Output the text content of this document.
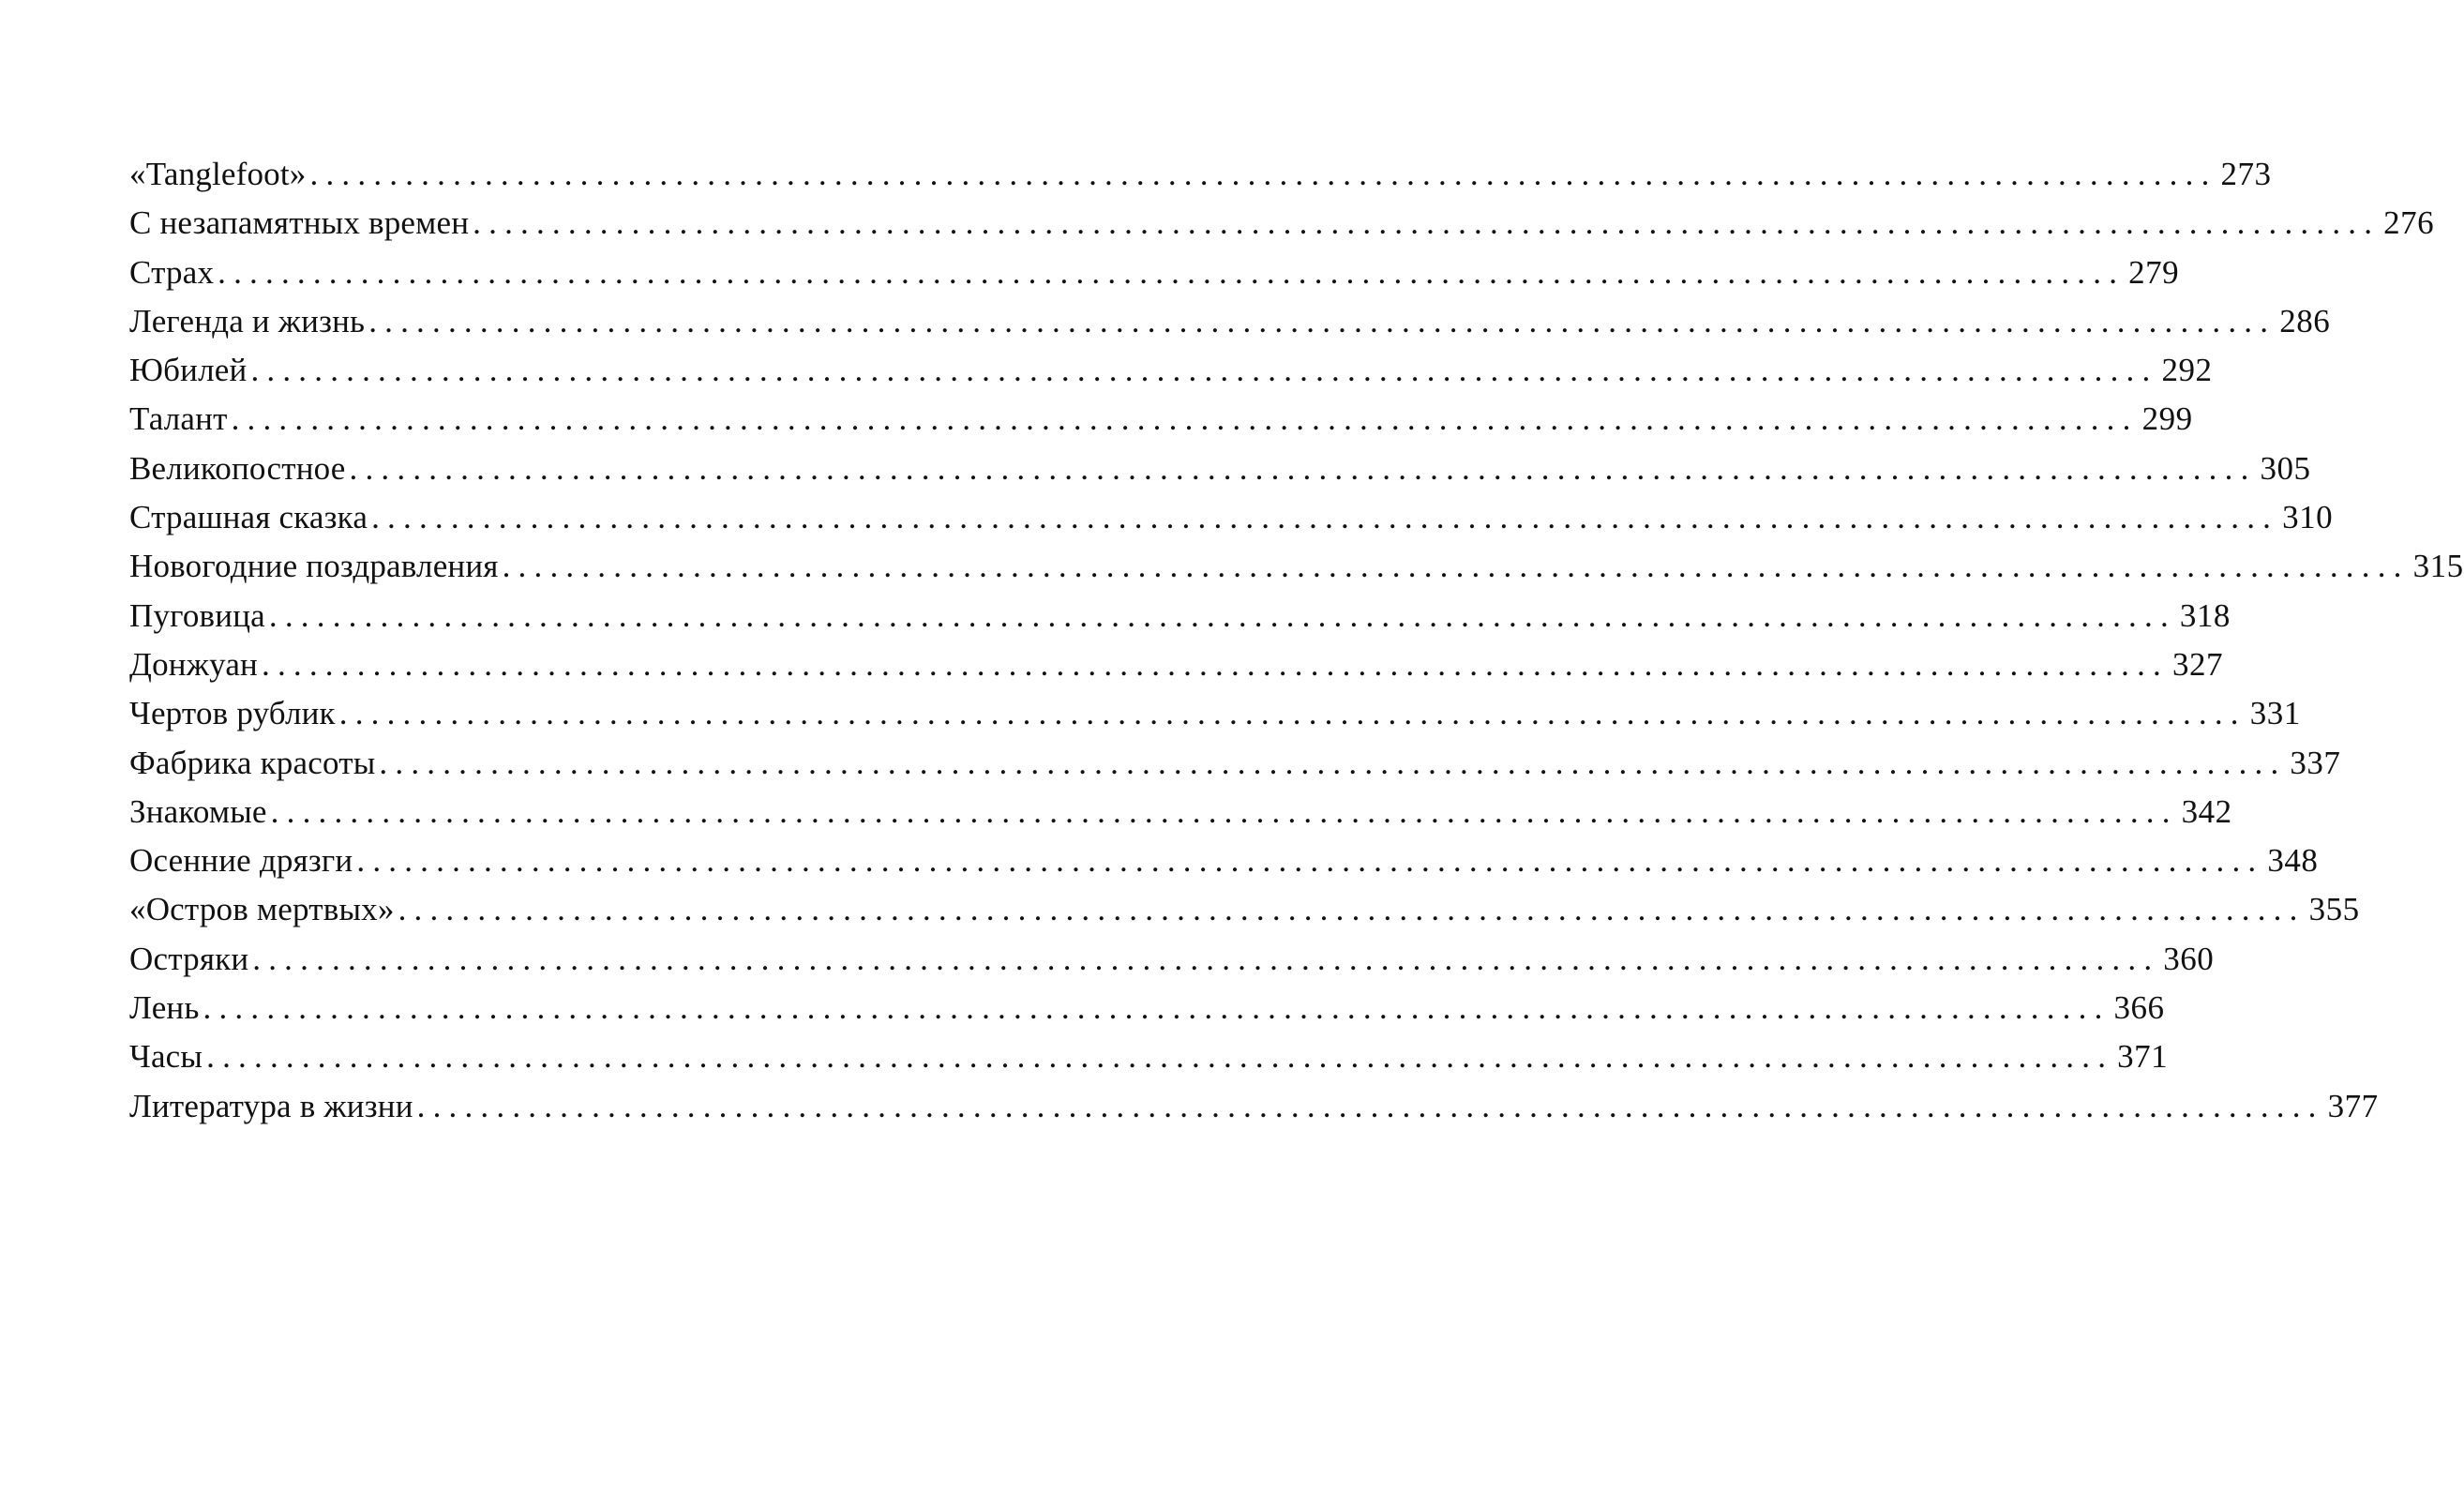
«Tanglefoot» ........................................................................................................................ 273
С незапамятных времен ........................................................................................................................ 276
Страх ........................................................................................................................ 279
Легенда и жизнь ........................................................................................................................ 286
Юбилей ........................................................................................................................ 292
Талант ........................................................................................................................ 299
Великопостное ........................................................................................................................ 305
Страшная сказка ........................................................................................................................ 310
Новогодние поздравления ........................................................................................................................ 315
Пуговица ........................................................................................................................ 318
Донжуан ........................................................................................................................ 327
Чертов рублик ........................................................................................................................ 331
Фабрика красоты ........................................................................................................................ 337
Знакомые ........................................................................................................................ 342
Осенние дрязги ........................................................................................................................ 348
«Остров мертвых» ........................................................................................................................ 355
Остряки ........................................................................................................................ 360
Лень ........................................................................................................................ 366
Часы ........................................................................................................................ 371
Литература в жизни ........................................................................................................................ 377
